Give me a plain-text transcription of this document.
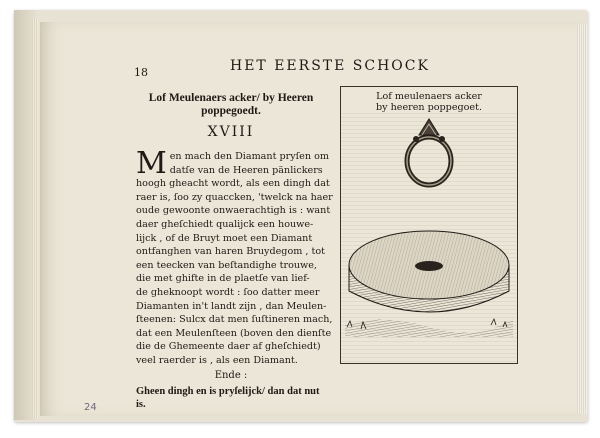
18	HET EERSTE SCHOCK

Lof Meulenaers acker/ by Heeren poppegoedt.

XVIII
M en mach den Diamant pryſen om
datſe van de Heeren pänlickers
hoogh gheacht wordt, als een dingh dat
raer is, ſoo zy quaccken, 'twelck na haer
oude gewoonte onwaerachtigh is : want
daer gheſchiedt qualijck een houwe-
lijck , of de Bruyt moet een Diamant
ontfanghen van haren Bruydegom , tot
een teecken van beſtandighe trouwe,
die met ghifte in de plaetſe van lief-
de gheknoopt wordt : ſoo datter meer
Diamanten in't landt zijn , dan Meulen-
ſteenen: Sulcx dat men ſuſtineren mach,
dat een Meulenſteen (boven den dienſte
die de Ghemeente daer af gheſchiedt)
veel raerder is , als een Diamant.
Ende :
Gheen dingh en is pryſelijck/ dan dat nut is.
Lof meulenaers acker
by heeren poppegoet.
24
